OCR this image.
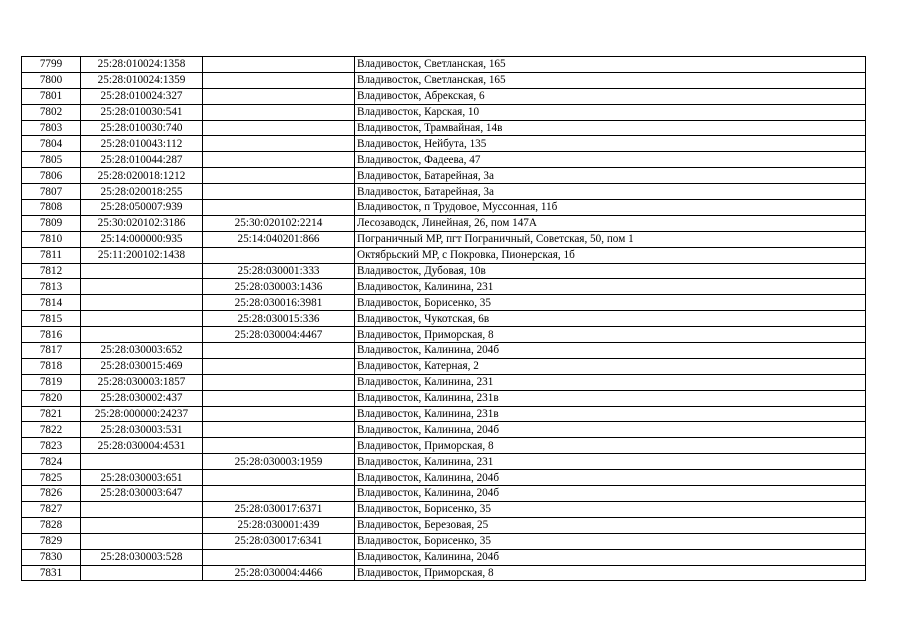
7799	25:28:010024:1358		Владивосток, Светланская, 165
7800	25:28:010024:1359		Владивосток, Светланская, 165
7801	25:28:010024:327		Владивосток, Абрекская, 6
7802	25:28:010030:541		Владивосток, Карская, 10
7803	25:28:010030:740		Владивосток, Трамвайная, 14в
7804	25:28:010043:112		Владивосток, Нейбута, 135
7805	25:28:010044:287		Владивосток, Фадеева, 47
7806	25:28:020018:1212		Владивосток, Батарейная, 3а
7807	25:28:020018:255		Владивосток, Батарейная, 3а
7808	25:28:050007:939		Владивосток, п Трудовое, Муссонная, 11б
7809	25:30:020102:3186	25:30:020102:2214	Лесозаводск, Линейная, 26, пом 147А
7810	25:14:000000:935	25:14:040201:866	Пограничный МР, пгт Пограничный, Советская, 50, пом 1
7811	25:11:200102:1438		Октябрьский МР, с Покровка, Пионерская, 1б
7812		25:28:030001:333	Владивосток, Дубовая, 10в
7813		25:28:030003:1436	Владивосток, Калинина, 231
7814		25:28:030016:3981	Владивосток, Борисенко, 35
7815		25:28:030015:336	Владивосток, Чукотская, 6в
7816		25:28:030004:4467	Владивосток, Приморская, 8
7817	25:28:030003:652		Владивосток, Калинина, 204б
7818	25:28:030015:469		Владивосток, Катерная, 2
7819	25:28:030003:1857		Владивосток, Калинина, 231
7820	25:28:030002:437		Владивосток, Калинина, 231в
7821	25:28:000000:24237		Владивосток, Калинина, 231в
7822	25:28:030003:531		Владивосток, Калинина, 204б
7823	25:28:030004:4531		Владивосток, Приморская, 8
7824		25:28:030003:1959	Владивосток, Калинина, 231
7825	25:28:030003:651		Владивосток, Калинина, 204б
7826	25:28:030003:647		Владивосток, Калинина, 204б
7827		25:28:030017:6371	Владивосток, Борисенко, 35
7828		25:28:030001:439	Владивосток, Березовая, 25
7829		25:28:030017:6341	Владивосток, Борисенко, 35
7830	25:28:030003:528		Владивосток, Калинина, 204б
7831		25:28:030004:4466	Владивосток, Приморская, 8
